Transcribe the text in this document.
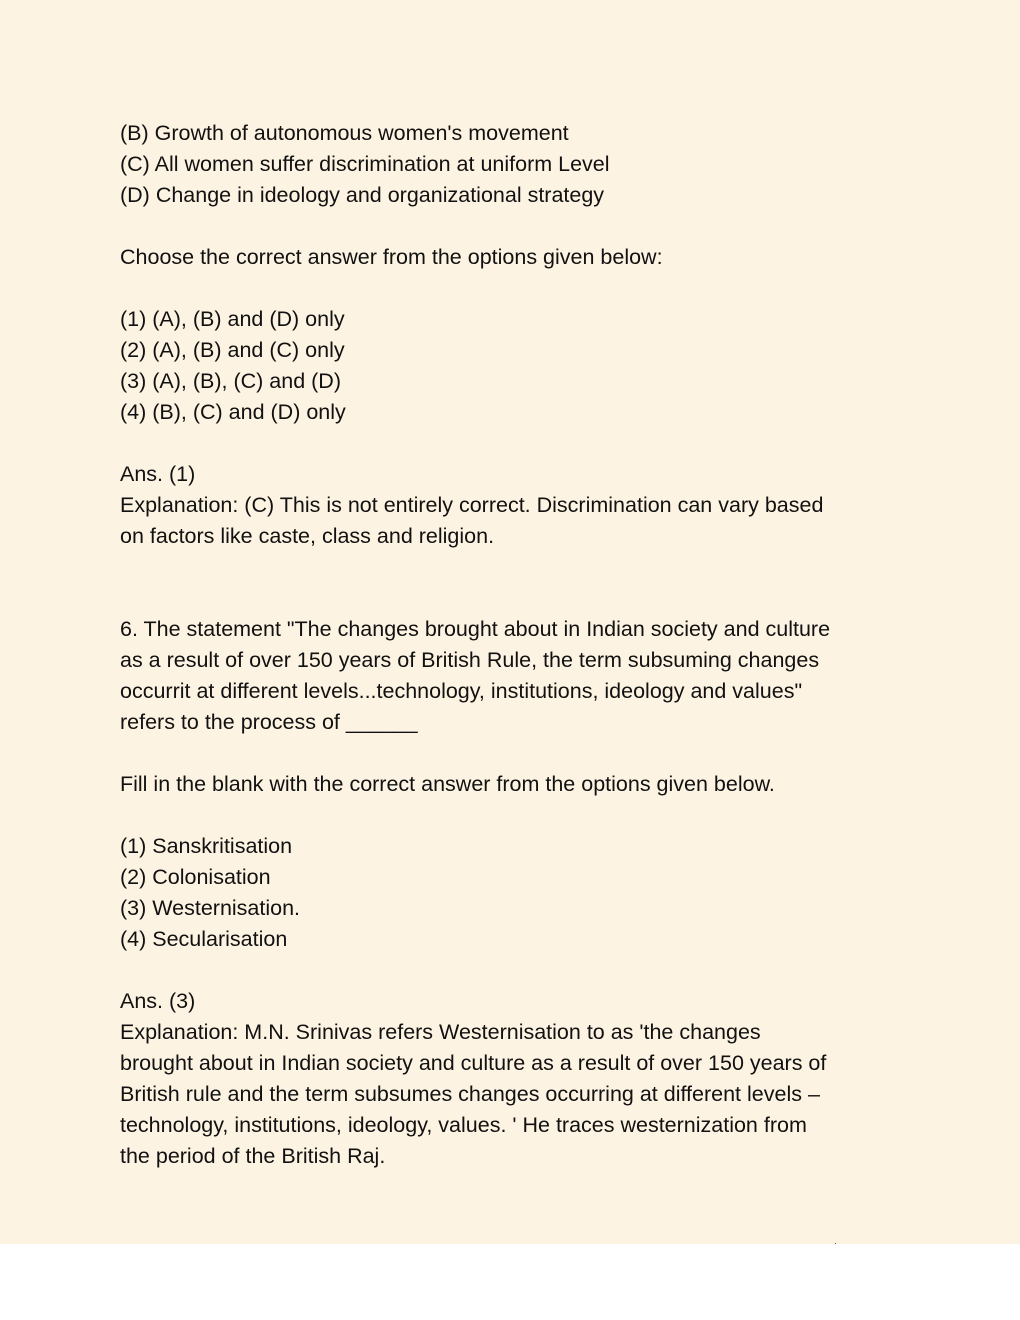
(B) Growth of autonomous women's movement
(C) All women suffer discrimination at uniform Level
(D) Change in ideology and organizational strategy
Choose the correct answer from the options given below:
(1) (A), (B) and (D) only
(2) (A), (B) and (C) only
(3) (A), (B), (C) and (D)
(4) (B), (C) and (D) only
Ans. (1)
Explanation: (C) This is not entirely correct. Discrimination can vary based
on factors like caste, class and religion.
6. The statement "The changes brought about in Indian society and culture
as a result of over 150 years of British Rule, the term subsuming changes
occurrit at different levels...technology, institutions, ideology and values"
refers to the process of ______
Fill in the blank with the correct answer from the options given below.
(1) Sanskritisation
(2) Colonisation
(3) Westernisation.
(4) Secularisation
Ans. (3)
Explanation: M.N. Srinivas refers Westernisation to as 'the changes
brought about in Indian society and culture as a result of over 150 years of
British rule and the term subsumes changes occurring at different levels –
technology, institutions, ideology, values. ' He traces westernization from
the period of the British Raj.
